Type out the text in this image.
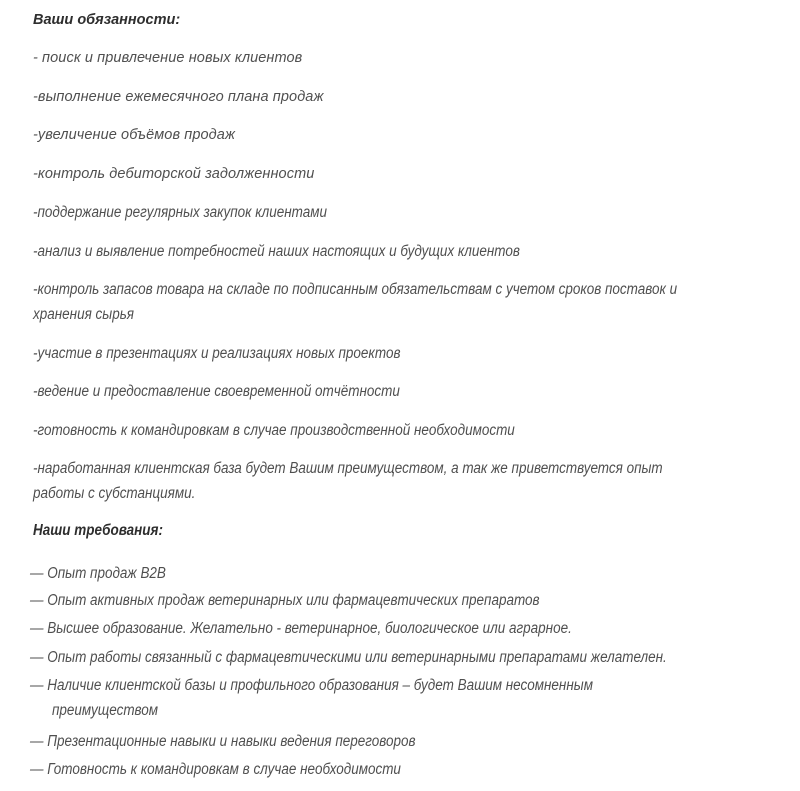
Ваши обязанности:
- поиск и привлечение новых клиентов
-выполнение ежемесячного плана продаж
-увеличение объёмов продаж
-контроль дебиторской задолженности
-поддержание регулярных закупок клиентами
-анализ и выявление потребностей наших настоящих и будущих клиентов
-контроль запасов товара на складе по подписанным обязательствам с учетом сроков поставок и
хранения сырья
-участие в презентациях и реализациях новых проектов
-ведение и предоставление своевременной отчётности
-готовность к командировкам в случае производственной необходимости
-наработанная клиентская база будет Вашим преимуществом, а так же приветствуется опыт
работы с субстанциями.
Наши требования:
— Опыт продаж B2B
— Опыт активных продаж ветеринарных или фармацевтических препаратов
— Высшее образование. Желательно - ветеринарное, биологическое или аграрное.
— Опыт работы связанный с фармацевтическими или ветеринарными препаратами желателен.
— Наличие клиентской базы и профильного образования – будет Вашим несомненным
преимуществом
— Презентационные навыки и навыки ведения переговоров
— Готовность к командировкам в случае необходимости
